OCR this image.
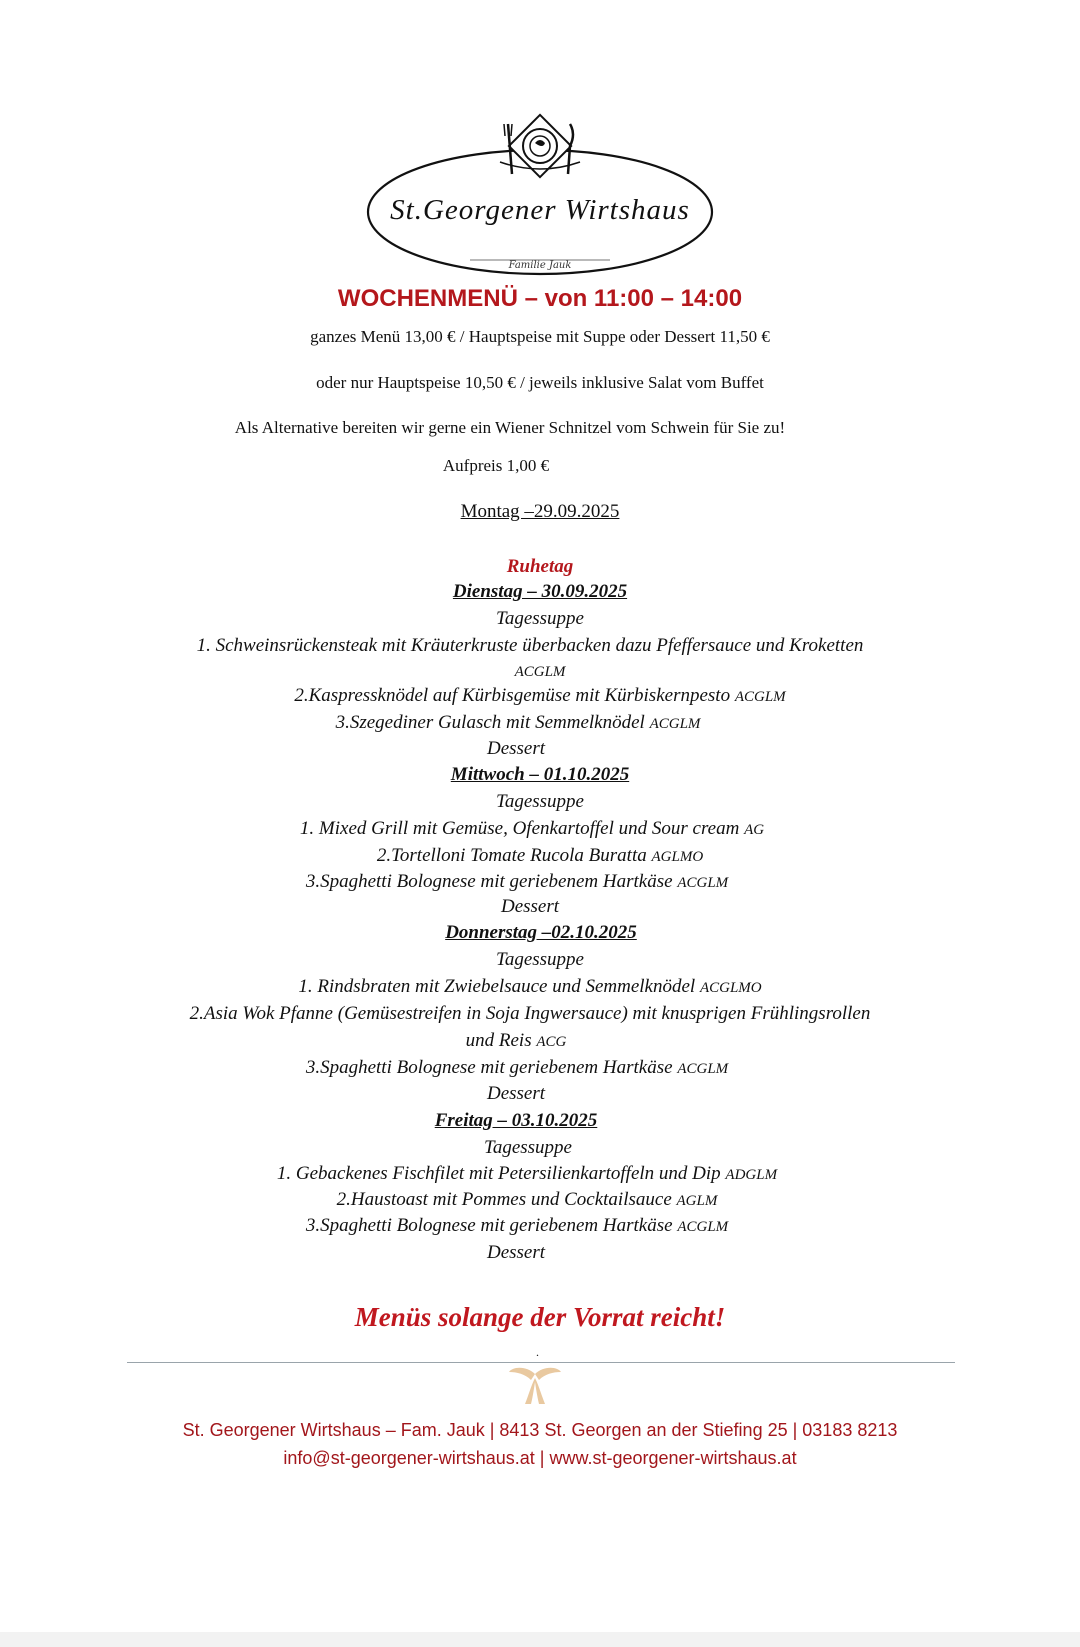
St.Georgener Wirtshaus
Familie Jauk
WOCHENMENÜ – von 11:00 – 14:00
ganzes Menü 13,00 € / Hauptspeise mit Suppe oder Dessert 11,50 €
oder nur Hauptspeise 10,50 € / jeweils inklusive Salat vom Buffet
Als Alternative bereiten wir gerne ein Wiener Schnitzel vom Schwein für Sie zu!
Aufpreis 1,00 €
Montag –29.09.2025
Ruhetag
Dienstag – 30.09.2025
Tagessuppe
1. Schweinsrückensteak mit Kräuterkruste überbacken dazu Pfeffersauce und Kroketten
ACGLM
2.Kaspressknödel auf Kürbisgemüse mit Kürbiskernpesto ACGLM
3.Szegediner Gulasch mit Semmelknödel ACGLM
Dessert
Mittwoch – 01.10.2025
Tagessuppe
1. Mixed Grill mit Gemüse, Ofenkartoffel und Sour cream AG
2.Tortelloni Tomate Rucola Buratta AGLMO
3.Spaghetti Bolognese mit geriebenem Hartkäse ACGLM
Dessert
Donnerstag –02.10.2025
Tagessuppe
1. Rindsbraten mit Zwiebelsauce und Semmelknödel ACGLMO
2.Asia Wok Pfanne (Gemüsestreifen in Soja Ingwersauce) mit knusprigen Frühlingsrollen
und Reis ACG
3.Spaghetti Bolognese mit geriebenem Hartkäse ACGLM
Dessert
Freitag – 03.10.2025
Tagessuppe
1. Gebackenes Fischfilet mit Petersilienkartoffeln und Dip ADGLM
2.Haustoast mit Pommes und Cocktailsauce AGLM
3.Spaghetti Bolognese mit geriebenem Hartkäse ACGLM
Dessert
Menüs solange der Vorrat reicht!
.
St. Georgener Wirtshaus – Fam. Jauk | 8413 St. Georgen an der Stiefing 25 | 03183 8213
info@st-georgener-wirtshaus.at | www.st-georgener-wirtshaus.at
